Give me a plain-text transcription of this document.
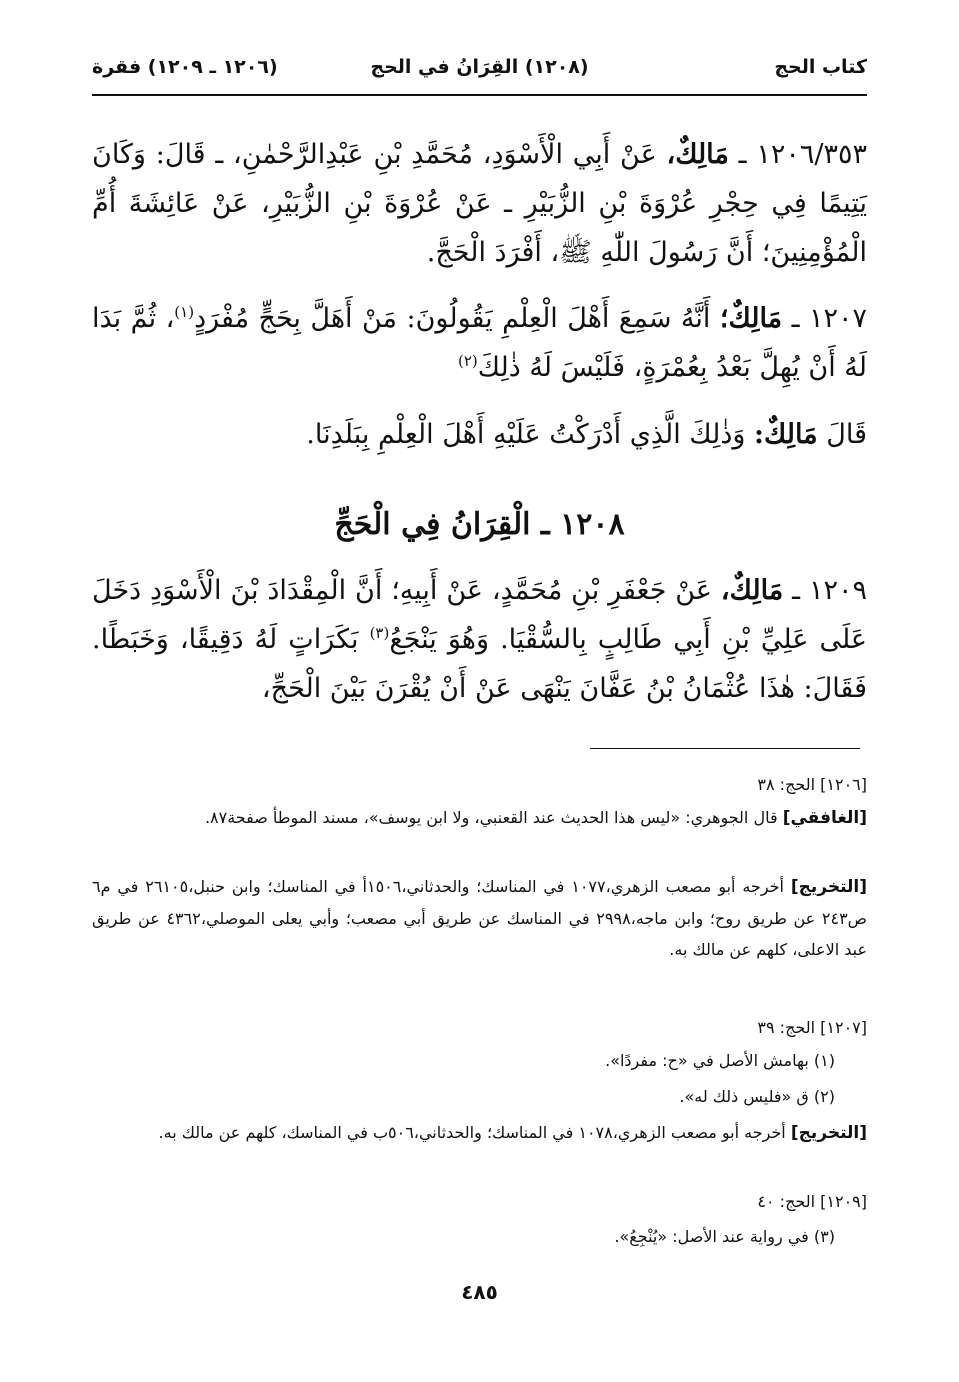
كتاب الحج
(١٢٠٨) القِرَانُ في الحج
(١٢٠٦ ـ ١٢٠٩) فقرة
١٢٠٦/٣٥٣ ـ مَالِكٌ، عَنْ أَبِي الْأَسْوَدِ، مُحَمَّدِ بْنِ عَبْدِالرَّحْمٰنِ، ـ قَالَ: وَكَانَ يَتِيمًا فِي حِجْرِ عُرْوَةَ بْنِ الزُّبَيْرِ ـ عَنْ عُرْوَةَ بْنِ الزُّبَيْرِ، عَنْ عَائِشَةَ أُمِّ الْمُؤْمِنِينَ؛ أَنَّ رَسُولَ اللّٰهِ ﷺ، أَفْرَدَ الْحَجَّ.
١٢٠٧ ـ مَالِكٌ؛ أَنَّهُ سَمِعَ أَهْلَ الْعِلْمِ يَقُولُونَ: مَنْ أَهَلَّ بِحَجٍّ مُفْرَدٍ$^{(١)}$، ثُمَّ بَدَا لَهُ أَنْ يُهِلَّ بَعْدُ بِعُمْرَةٍ، فَلَيْسَ لَهُ ذٰلِكَ$^{(٢)}$
قَالَ مَالِكٌ: وَذٰلِكَ الَّذِي أَدْرَكْتُ عَلَيْهِ أَهْلَ الْعِلْمِ بِبَلَدِنَا.
١٢٠٨ ـ الْقِرَانُ فِي الْحَجِّ
١٢٠٩ ـ مَالِكٌ، عَنْ جَعْفَرِ بْنِ مُحَمَّدٍ، عَنْ أَبِيهِ؛ أَنَّ الْمِقْدَادَ بْنَ الْأَسْوَدِ دَخَلَ عَلَى عَلِيِّ بْنِ أَبِي طَالِبٍ بِالسُّقْيَا. وَهُوَ يَنْجَعُ$^{(٣)}$ بَكَرَاتٍ لَهُ دَقِيقًا، وَخَبَطًا. فَقَالَ: هٰذَا عُثْمَانُ بْنُ عَفَّانَ يَنْهَى عَنْ أَنْ يُقْرَنَ بَيْنَ الْحَجِّ،
[١٢٠٦] الحج: ٣٨
[الغافقي] قال الجوهري: «ليس هذا الحديث عند القعنبي، ولا ابن يوسف»، مسند الموطأ صفحة٨٧.
[التخريج] أخرجه أبو مصعب الزهري،١٠٧٧ في المناسك؛ والحدثاني،١٥٠٦أ في المناسك؛ وابن حنبل،٢٦١٠٥ في م٦ ص٢٤٣ عن طريق روح؛ وابن ماجه،٢٩٩٨ في المناسك عن طريق أبي مصعب؛ وأبي يعلى الموصلي،٤٣٦٢ عن طريق عبد الاعلى، كلهم عن مالك به.
[١٢٠٧] الحج: ٣٩
(١) بهامش الأصل في «ح: مفردًا».
(٢) ق «فليس ذلك له».
[التخريج] أخرجه أبو مصعب الزهري،١٠٧٨ في المناسك؛ والحدثاني،٥٠٦ب في المناسك، كلهم عن مالك به.
[١٢٠٩] الحج: ٤٠
(٣) في رواية عند الأصل: «يُنْجِعُ».
٤٨٥
